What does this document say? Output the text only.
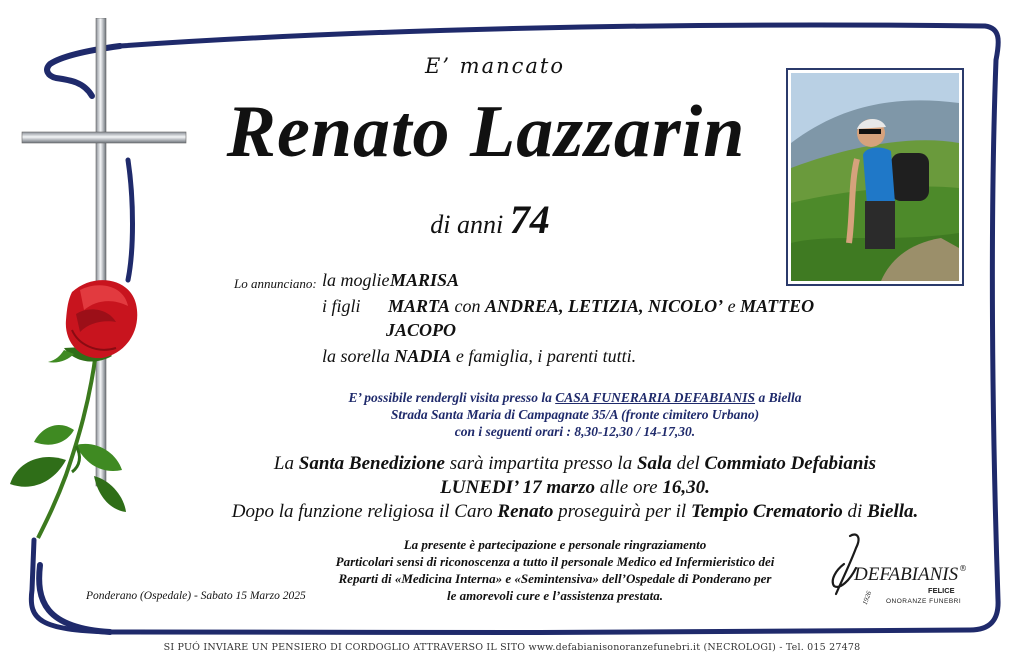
E’ mancato
Renato Lazzarin
di anni 74
Lo annunciano: la moglie MARISA
i figli MARTA con ANDREA, LETIZIA, NICOLO’ e MATTEO
JACOPO
la sorella NADIA e famiglia, i parenti tutti.
E’ possibile rendergli visita presso la CASA FUNERARIA DEFABIANIS a Biella
Strada Santa Maria di Campagnate 35/A (fronte cimitero Urbano)
con i seguenti orari : 8,30-12,30 / 14-17,30.
La Santa Benedizione sarà impartita presso la Sala del Commiato Defabianis
LUNEDI’ 17 marzo alle ore 16,30.
Dopo la funzione religiosa il Caro Renato proseguirà per il Tempio Crematorio di Biella.
La presente è partecipazione e personale ringraziamento
Particolari sensi di riconoscenza a tutto il personale Medico ed Infermieristico dei
Reparti di «Medicina Interna» e «Semintensiva» dell’Ospedale di Ponderano per
le amorevoli cure e l’assistenza prestata.
Ponderano (Ospedale) - Sabato 15 Marzo 2025
DEFABIANIS ®
FELICE
1926 ONORANZE FUNEBRI
SI PUÓ INVIARE UN PENSIERO DI CORDOGLIO ATTRAVERSO IL SITO www.defabianisonoranzefunebri.it (NECROLOGI) - Tel. 015 27478
